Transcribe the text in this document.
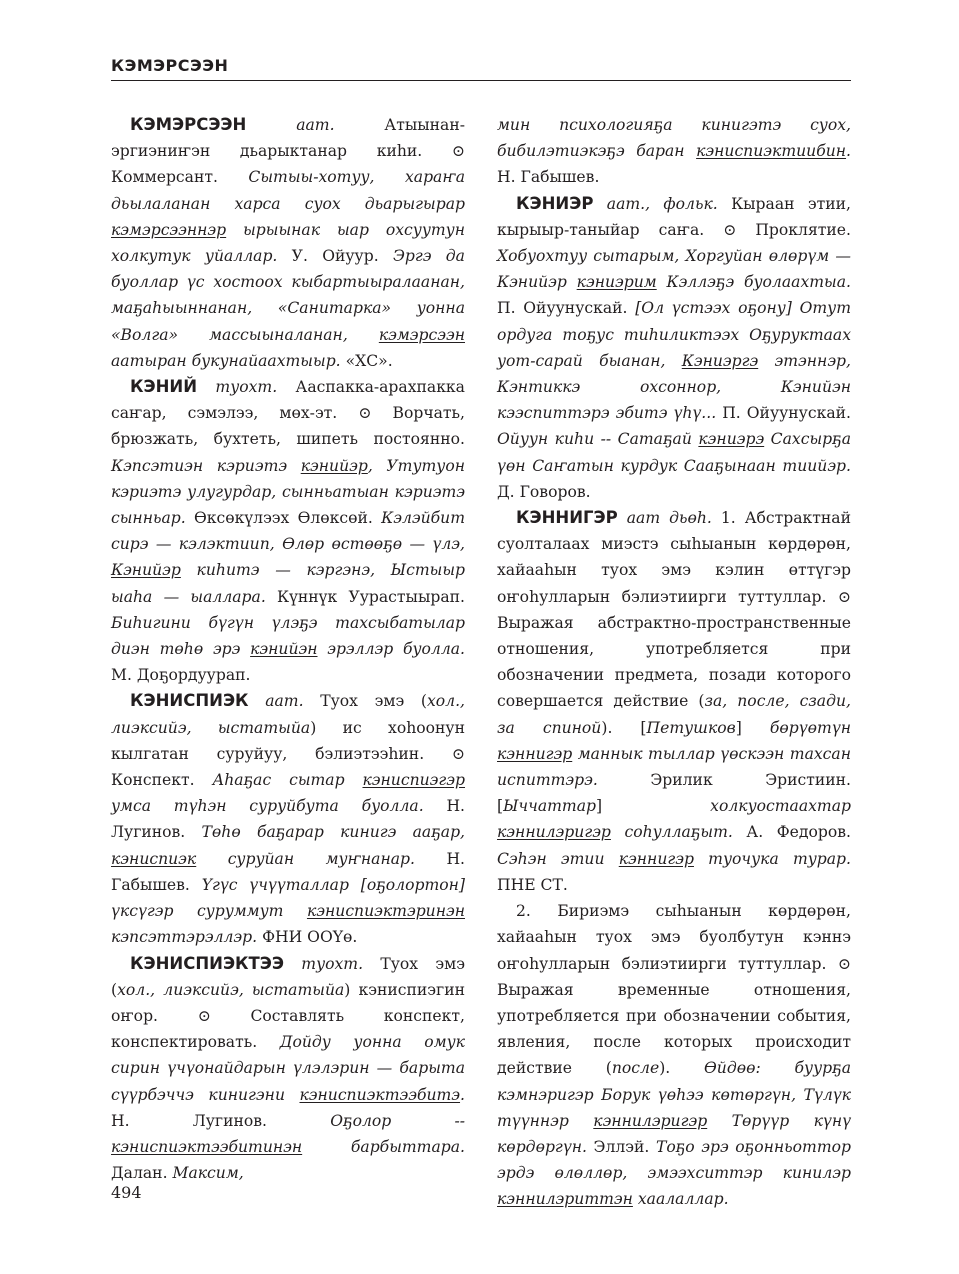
КЭМЭРСЭЭН

КЭМЭРСЭЭН	аат. Атыынан-эргиэниҥэн дьарыктанар киһи. ⊙ Коммерсант. Сытыы-хотуу, хараҥа дьылаланан харса суох дьарыгырар кэмэрсээннэр ырыынак ыар охсуутун холкутук уйаллар. У. Ойуур. Эргэ да буоллар үс хостоох кыбартыыралаанан, маҕаһыыннанан, «Санитарка» уонна «Волга» массыыналанан, кэмэрсээн аатыран букунайаахтыыр. «ХС».

КЭНИЙ туохт. Ааспакка-арахпакка саҥар, сэмэлээ, мөх-эт. ⊙ Ворчать, брюзжать, бухтеть, шипеть постоянно. Кэпсэтиэн кэриэтэ кэнийэр, Утутуон кэриэтэ улугурдар, сынньатыан кэриэтэ сынньар. Өксөкүлээх Өлөксөй. Кэлэйбит сирэ — кэлэктиип, Өлөр өстөөҕө — үлэ, Кэнийэр киһитэ — кэргэнэ, Ыстыыр ыаһа — ыаллара. Күннүк Уурастыырап. Биһигини бүгүн үлэҕэ тахсыбатылар диэн төһө эрэ кэнийэн эрэллэр буолла. М. Доҕордуурап.

КЭНИСПИЭК аат. Туох эмэ (хол., лиэксийэ, ыстатыйа) ис хоһоонун кылгатан суруйуу, бэлиэтээһин. ⊙ Конспект. Аһаҕас сытар кэниспиэгэр умса түһэн суруйбута буолла. Н. Лугинов. Төһө баҕарар кинигэ ааҕар, кэниспиэк суруйан муҥнанар. Н. Габышев. Үгүс үчүүталлар [оҕолортон] үксүгэр суруммут кэниспиэктэринэн кэпсэттэрэллэр. ФНИ ООҮө.

КЭНИСПИЭКТЭЭ туохт. Туох эмэ (хол., лиэксийэ, ыстатыйа) кэниспиэгин оҥор. ⊙ Составлять конспект, конспектировать. Дойду уонна омук сирин үчүонайдарын үлэлэрин — барыта сүүрбэччэ кинигэни кэниспиэктээбитэ. Н. Лугинов. Оҕолор -- кэниспиэктээбитинэн барбыттара. Далан. Максим,

мин психологияҕа кинигэтэ суох, бибилэтиэкэҕэ баран кэниспиэктиибин. Н. Габышев.

КЭНИЭР аат., фольк. Кыраан этии, кырыыр-таныйар саҥа. ⊙ Проклятие. Хобуохтуу сытарым, Хоргуйан өлөрүм — Кэнийэр кэниэрим Кэллэҕэ буолаахтыа. П. Ойуунускай. [Ол үстээх оҕону] Отут ордуга тоҕус тиһиликтээх Оҕуруктаах уот-сарай быанан, Кэниэргэ этэннэр, Кэнтиккэ охсоннор, Кэнийэн кээспиттэрэ эбитэ үһү... П. Ойуунускай. Ойуун киһи -- Сатаҕай кэниэрэ Сахсырҕа үөн Саҥатын курдук Сааҕынаан тиийэр. Д. Говоров.

КЭННИГЭР аат дьөһ. 1. Абстрактнай суолталаах миэстэ сыһыанын көрдөрөн, хайааһын туох эмэ кэлин өттүгэр оҥоһулларын бэлиэтиирги туттуллар. ⊙ Выражая абстрактно-пространственные отношения, употребляется при обозначении предмета, позади которого совершается действие (за, после, сзади, за спиной). [Петушков] бөрүөтүн кэннигэр маннык тыллар үөскээн тахсан испиттэрэ. Эрилик Эристиин. [Ыччаттар] холкуостаахтар кэннилэригэр соһуллаҕыт. А. Федоров. Сэһэн этии кэннигэр туочука турар. ПНЕ СТ.

2. Бириэмэ сыһыанын көрдөрөн, хайааһын туох эмэ буолбутун кэннэ оҥоһулларын бэлиэтиирги туттуллар. ⊙ Выражая временные отношения, употребляется при обозначении события, явления, после которых происходит действие (после). Өйдөө: буурҕа кэмнэригэр Борук үөһээ көтөргүн, Түлүк түүннэр кэннилэригэр Төрүүр күнү көрдөргүн. Эллэй. Тоҕо эрэ оҕонньоттор эрдэ өлөллөр, эмээхситтэр кинилэр кэннилэриттэн хаалаллар.

494
